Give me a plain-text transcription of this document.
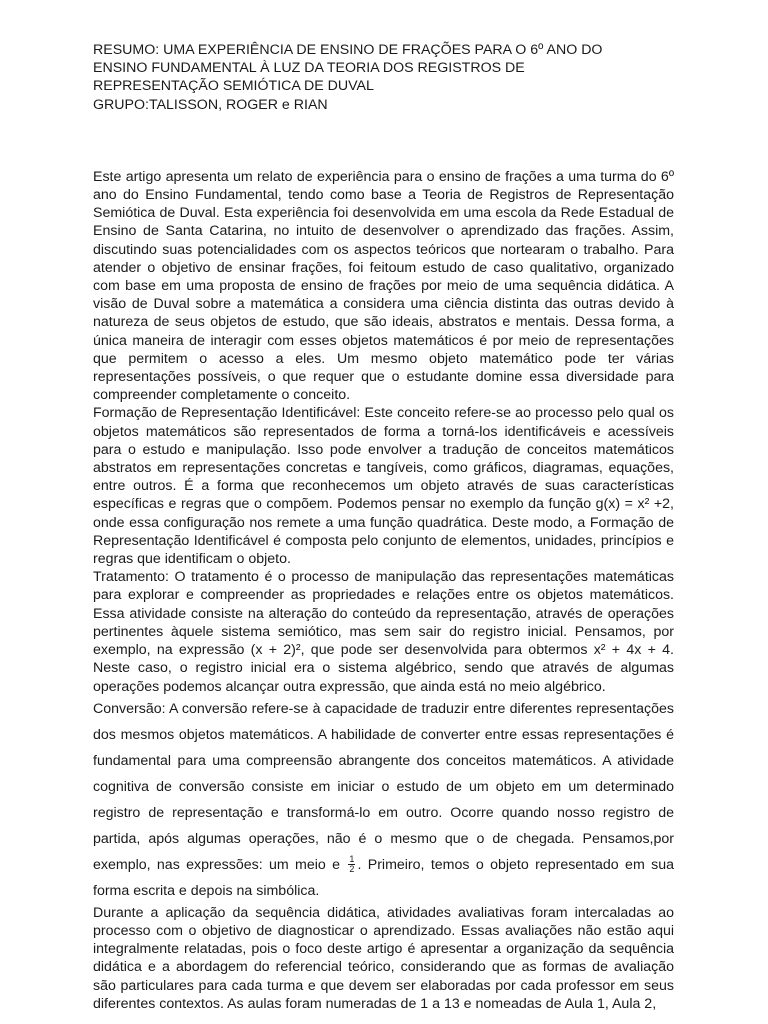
RESUMO: UMA EXPERIÊNCIA DE ENSINO DE FRAÇÕES PARA O 6º ANO DO

ENSINO FUNDAMENTAL À LUZ DA TEORIA DOS REGISTROS DE

REPRESENTAÇÃO SEMIÓTICA DE DUVAL

GRUPO:TALISSON, ROGER e RIAN

Este artigo apresenta um relato de experiência para o ensino de frações a uma turma do 6º ano do Ensino Fundamental, tendo como base a Teoria de Registros de Representação Semiótica de Duval. Esta experiência foi desenvolvida em uma escola da Rede Estadual de Ensino de Santa Catarina, no intuito de desenvolver o aprendizado das frações. Assim, discutindo suas potencialidades com os aspectos teóricos que nortearam o trabalho. Para atender o objetivo de ensinar frações, foi feitoum estudo de caso qualitativo, organizado com base em uma proposta de ensino de frações por meio de uma sequência didática. A visão de Duval sobre a matemática a considera uma ciência distinta das outras devido à natureza de seus objetos de estudo, que são ideais, abstratos e mentais. Dessa forma, a única maneira de interagir com esses objetos matemáticos é por meio de representações que permitem o acesso a eles. Um mesmo objeto matemático pode ter várias representações possíveis, o que requer que o estudante domine essa diversidade para compreender completamente o conceito.

Formação de Representação Identificável: Este conceito refere-se ao processo pelo qual os objetos matemáticos são representados de forma a torná-los identificáveis e acessíveis para o estudo e manipulação. Isso pode envolver a tradução de conceitos matemáticos abstratos em representações concretas e tangíveis, como gráficos, diagramas, equações, entre outros. É a forma que reconhecemos um objeto através de suas características específicas e regras que o compõem. Podemos pensar no exemplo da função g(x) = x² +2, onde essa configuração nos remete a uma função quadrática. Deste modo, a Formação de Representação Identificável é composta pelo conjunto de elementos, unidades, princípios e regras que identificam o objeto.

Tratamento: O tratamento é o processo de manipulação das representações matemáticas para explorar e compreender as propriedades e relações entre os objetos matemáticos. Essa atividade consiste na alteração do conteúdo da representação, através de operações pertinentes àquele sistema semiótico, mas sem sair do registro inicial. Pensamos, por exemplo, na expressão (x + 2)², que pode ser desenvolvida para obtermos x² + 4x + 4. Neste caso, o registro inicial era o sistema algébrico, sendo que através de algumas operações podemos alcançar outra expressão, que ainda está no meio algébrico.

Conversão: A conversão refere-se à capacidade de traduzir entre diferentes representações dos mesmos objetos matemáticos. A habilidade de converter entre essas representações é fundamental para uma compreensão abrangente dos conceitos matemáticos. A atividade cognitiva de conversão consiste em iniciar o estudo de um objeto em um determinado registro de representação e transformá-lo em outro. Ocorre quando nosso registro de partida, após algumas operações, não é o mesmo que o de chegada. Pensamos,por exemplo, nas expressões: um meio e $\frac{1}{2}$ . Primeiro, temos o objeto representado em sua forma escrita e depois na simbólica.

Durante a aplicação da sequência didática, atividades avaliativas foram intercaladas ao processo com o objetivo de diagnosticar o aprendizado. Essas avaliações não estão aqui integralmente relatadas, pois o foco deste artigo é apresentar a organização da sequência didática e a abordagem do referencial teórico, considerando que as formas de avaliação são particulares para cada turma e que devem ser elaboradas por cada professor em seus diferentes contextos. As aulas foram numeradas de 1 a 13 e nomeadas de Aula 1, Aula 2,
